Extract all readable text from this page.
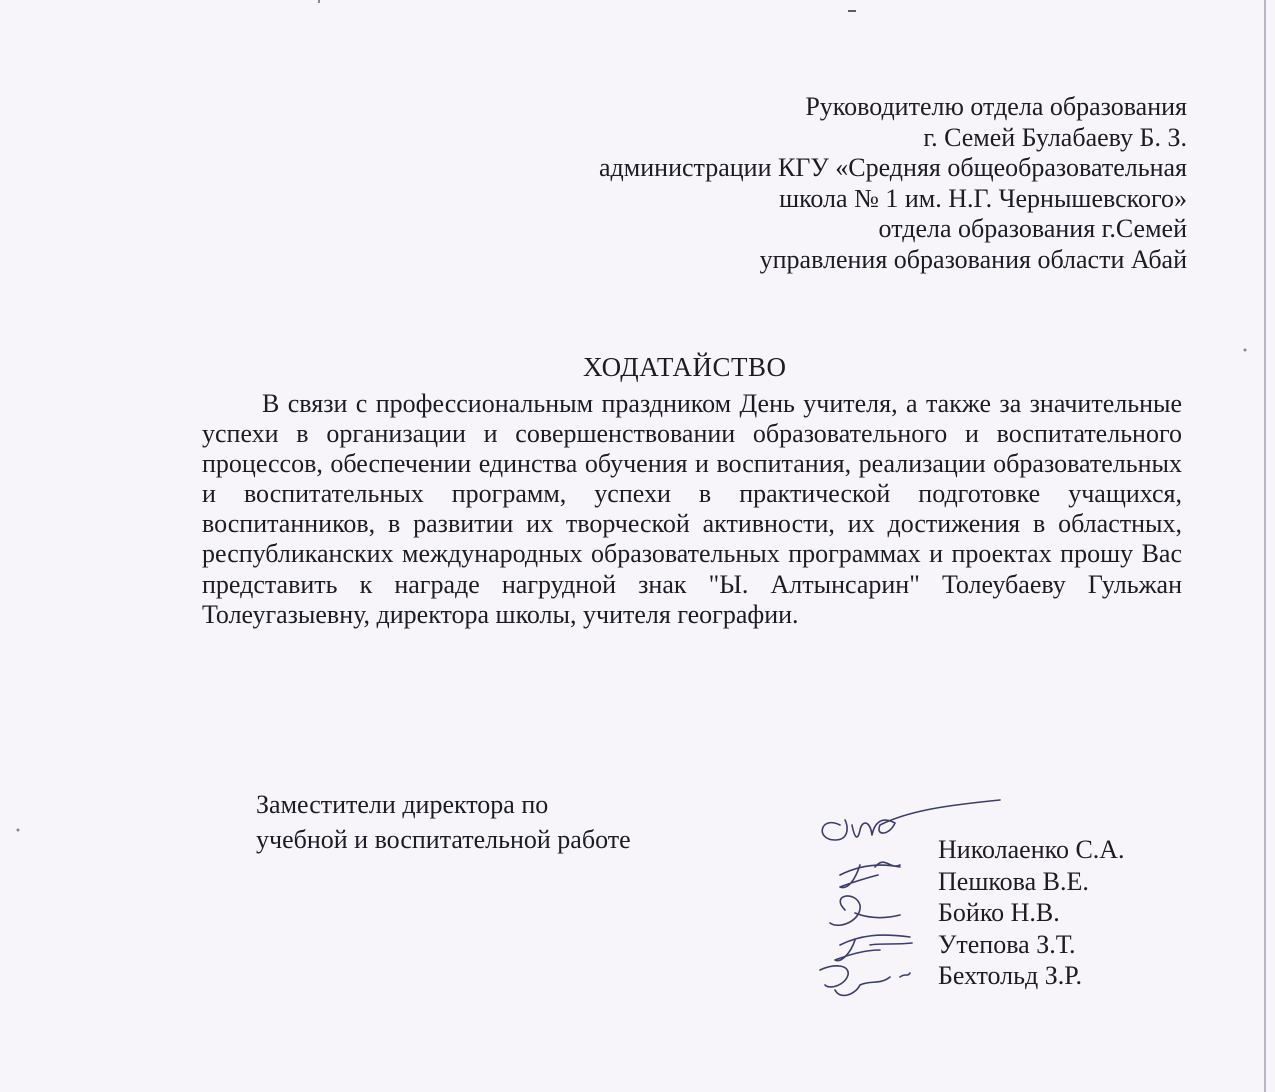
Руководителю отдела образования
г. Семей Булабаеву Б. З.
администрации КГУ «Средняя общеобразовательная
школа № 1 им. Н.Г. Чернышевского»
отдела образования г.Семей
управления образования области Абай
ХОДАТАЙСТВО
В связи с профессиональным праздником День учителя, а также за значительные успехи в организации и совершенствовании образовательного и воспитательного процессов, обеспечении единства обучения и воспитания, реализации образовательных и воспитательных программ, успехи в практической подготовке учащихся, воспитанников, в развитии их творческой активности, их достижения в областных, республиканских международных образовательных программах и проектах прошу Вас представить к награде нагрудной знак "Ы. Алтынсарин" Толеубаеву Гульжан Толеугазыевну, директора школы, учителя географии.
Заместители директора по
учебной и воспитательной работе	Николаенко С.А.
Пешкова В.Е.
Бойко Н.В.
Утепова З.Т.
Бехтольд З.Р.
